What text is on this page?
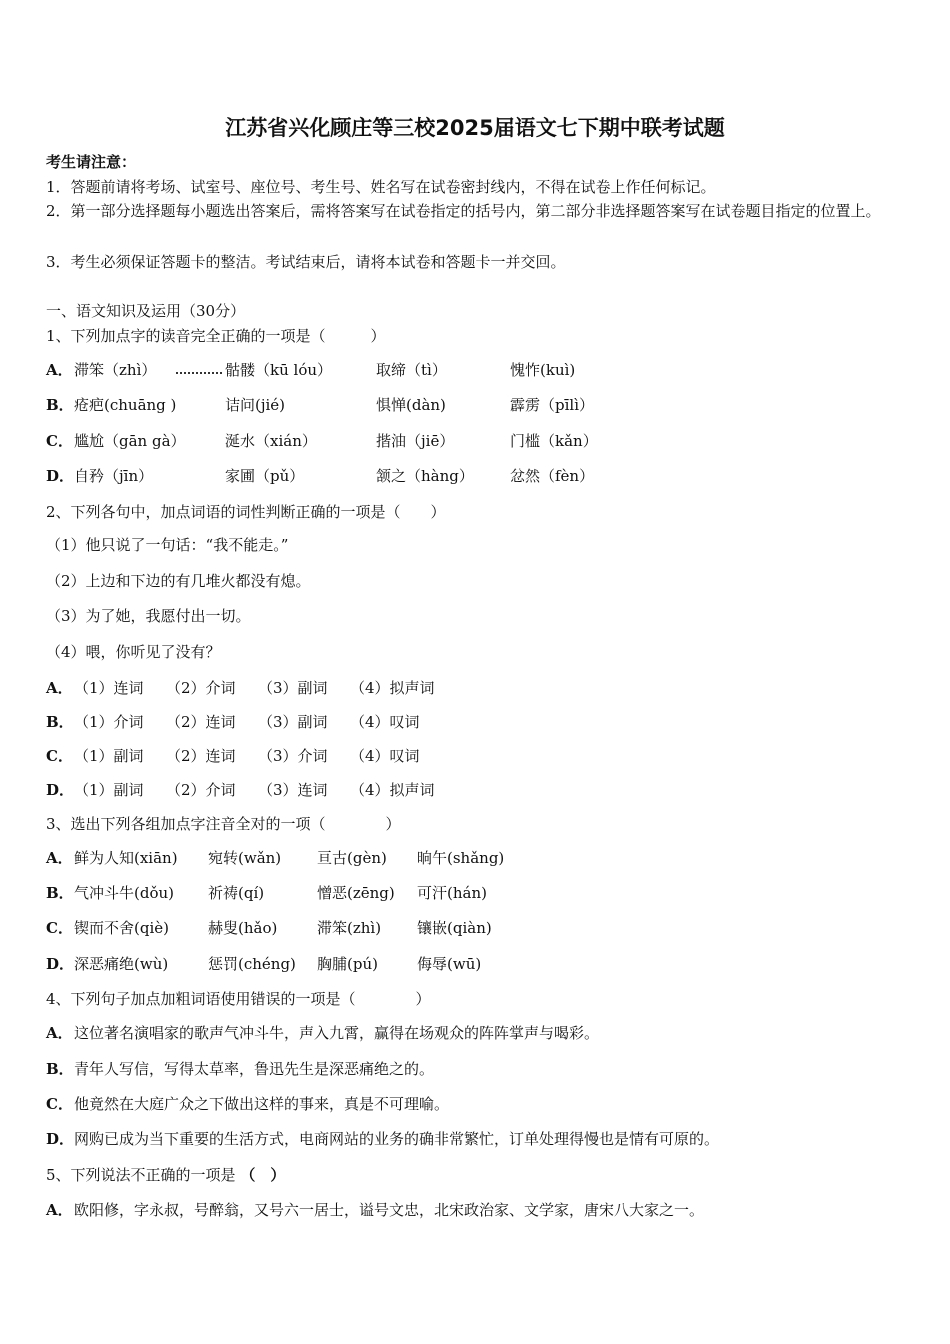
江苏省兴化顾庄等三校2025届语文七下期中联考试题
考生请注意：
1．答题前请将考场、试室号、座位号、考生号、姓名写在试卷密封线内，不得在试卷上作任何标记。
2．第一部分选择题每小题选出答案后，需将答案写在试卷指定的括号内，第二部分非选择题答案写在试卷题目指定的位置上。
3．考生必须保证答题卡的整洁。考试结束后，请将本试卷和答题卡一并交回。
一、语文知识及运用（30分）
1、下列加点字的读音完全正确的一项是（　　　）
A． 滞笨（zhì）	骷髅（kū lóu）	取缔（tì）	愧怍(kuì)
B． 疮疤(chuāng )	诘问(jié)	惧惮(dàn)	霹雳（pīlì）
C． 尴尬（gān gà）	涎水（xián）	揩油（jiē）	门槛（kǎn）
D． 自矜（jīn）	家圃（pǔ）	颔之（hàng） 忿然（fèn）
2、下列各句中，加点词语的词性判断正确的一项是（　　）
（1）他只说了一句话：“我不能走。”
（2）上边和下边的有几堆火都没有熄。
（3）为了她，我愿付出一切。
（4）喂，你听见了没有？
A． （1）连词 （2）介词 （3）副词 （4）拟声词
B． （1）介词 （2）连词 （3）副词 （4）叹词
C． （1）副词 （2）连词 （3）介词 （4）叹词
D． （1）副词 （2）介词 （3）连词 （4）拟声词
3、选出下列各组加点字注音全对的一项（　　　　）
A． 鲜为人知(xiān) 宛转(wǎn) 亘古(gèn) 晌午(shǎng)
B． 气冲斗牛(dǒu) 祈祷(qí)	憎恶(zēng) 可汗(hán)
C． 锲而不舍(qiè)	赫叟(hǎo)	滞笨(zhì) 镶嵌(qiàn)
D． 深恶痛绝(wù)	惩罚(chéng) 胸脯(pú)	侮辱(wū)
4、下列句子加点加粗词语使用错误的一项是（　　　　）
A．这位著名演唱家的歌声气冲斗牛，声入九霄，赢得在场观众的阵阵掌声与喝彩。
B．青年人写信，写得太草率，鲁迅先生是深恶痛绝之的。
C．他竟然在大庭广众之下做出这样的事来，真是不可理喻。
D．网购已成为当下重要的生活方式，电商网站的业务的确非常繁忙，订单处理得慢也是情有可原的。
5、下列说法不正确的一项是 （　）
A．欧阳修，字永叔，号醉翁，又号六一居士，谥号文忠，北宋政治家、文学家，唐宋八大家之一。
